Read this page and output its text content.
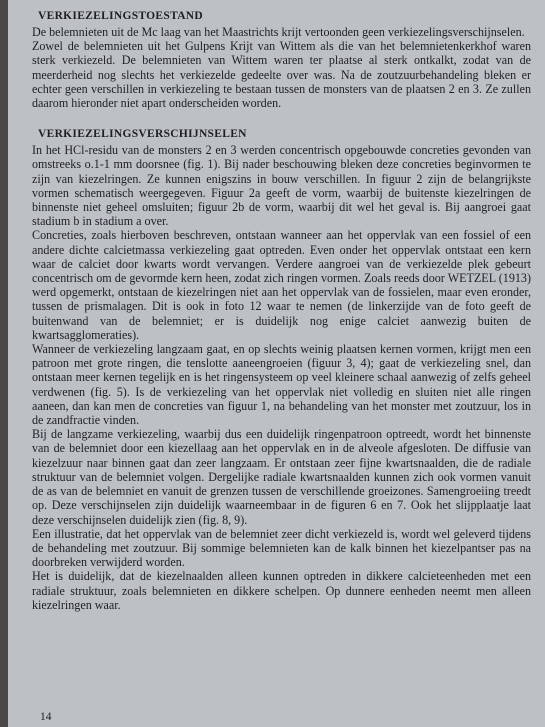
VERKIEZELINGSTOESTAND

De belemnieten uit de Mc laag van het Maastrichts krijt vertoonden geen verkiezelingsverschijnselen.

Zowel de belemnieten uit het Gulpens Krijt van Wittem als die van het belemnietenkerkhof waren sterk verkiezeld. De belemnieten van Wittem waren ter plaatse al sterk ontkalkt, zodat van de meerderheid nog slechts het verkiezelde gedeelte over was. Na de zoutzuurbehandeling bleken er echter geen verschillen in verkiezeling te bestaan tussen de monsters van de plaatsen 2 en 3. Ze zullen daarom hieronder niet apart onderscheiden worden.

VERKIEZELINGSVERSCHIJNSELEN

In het HCl-residu van de monsters 2 en 3 werden concentrisch opgebouwde concreties gevonden van omstreeks o.1-1 mm doorsnee (fig. 1). Bij nader beschouwing bleken deze concreties beginvormen te zijn van kiezelringen. Ze kunnen enigszins in bouw verschillen. In figuur 2 zijn de belangrijkste vormen schematisch weergegeven. Figuur 2a geeft de vorm, waarbij de buitenste kiezelringen de binnenste niet geheel omsluiten; figuur 2b de vorm, waarbij dit wel het geval is. Bij aangroei gaat stadium b in stadium a over.

Concreties, zoals hierboven beschreven, ontstaan wanneer aan het oppervlak van een fossiel of een andere dichte calcietmassa verkiezeling gaat optreden. Even onder het oppervlak ontstaat een kern waar de calciet door kwarts wordt vervangen. Verdere aangroei van de verkiezelde plek gebeurt concentrisch om de gevormde kern heen, zodat zich ringen vormen. Zoals reeds door WETZEL (1913) werd opgemerkt, ontstaan de kiezelringen niet aan het oppervlak van de fossielen, maar even eronder, tussen de prismalagen. Dit is ook in foto 12 waar te nemen (de linkerzijde van de foto geeft de buitenwand van de belemniet; er is duidelijk nog enige calciet aanwezig buiten de kwartsagglomeraties).

Wanneer de verkiezeling langzaam gaat, en op slechts weinig plaatsen kernen vormen, krijgt men een patroon met grote ringen, die tenslotte aaneengroeien (figuur 3, 4); gaat de verkiezeling snel, dan ontstaan meer kernen tegelijk en is het ringensysteem op veel kleinere schaal aanwezig of zelfs geheel verdwenen (fig. 5). Is de verkiezeling van het oppervlak niet volledig en sluiten niet alle ringen aaneen, dan kan men de concreties van figuur 1, na behandeling van het monster met zoutzuur, los in de zandfractie vinden.

Bij de langzame verkiezeling, waarbij dus een duidelijk ringenpatroon optreedt, wordt het binnenste van de belemniet door een kiezellaag aan het oppervlak en in de alveole afgesloten. De diffusie van kiezelzuur naar binnen gaat dan zeer langzaam. Er ontstaan zeer fijne kwartsnaalden, die de radiale struktuur van de belemniet volgen. Dergelijke radiale kwartsnaalden kunnen zich ook vormen vanuit de as van de belemniet en vanuit de grenzen tussen de verschillende groeizones. Samengroeiing treedt op. Deze verschijnselen zijn duidelijk waarneembaar in de figuren 6 en 7. Ook het slijpplaatje laat deze verschijnselen duidelijk zien (fig. 8, 9).

Een illustratie, dat het oppervlak van de belemniet zeer dicht verkiezeld is, wordt wel geleverd tijdens de behandeling met zoutzuur. Bij sommige belemnieten kan de kalk binnen het kiezelpantser pas na doorbreken verwijderd worden.

Het is duidelijk, dat de kiezelnaalden alleen kunnen optreden in dikkere calcieteenheden met een radiale struktuur, zoals belemnieten en dikkere schelpen. Op dunnere eenheden neemt men alleen kiezelringen waar.

14
